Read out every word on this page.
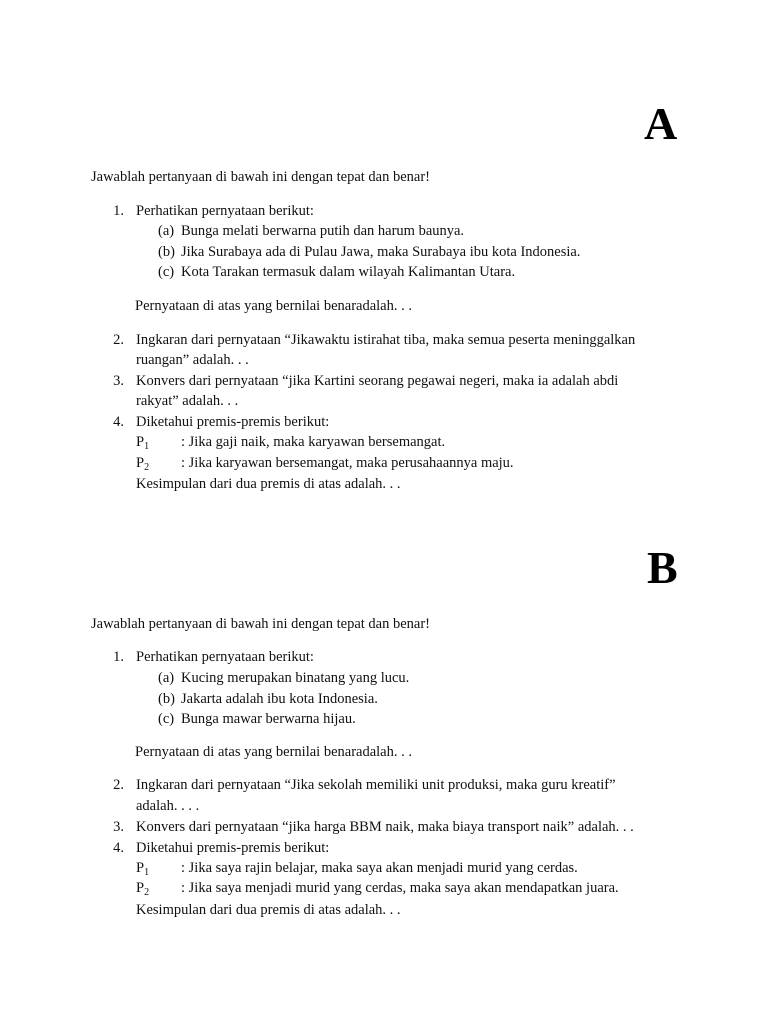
A
Jawablah pertanyaan di bawah ini dengan tepat dan benar!
1. Perhatikan pernyataan berikut:
(a) Bunga melati berwarna putih dan harum baunya.
(b) Jika Surabaya ada di Pulau Jawa, maka Surabaya ibu kota Indonesia.
(c) Kota Tarakan termasuk dalam wilayah Kalimantan Utara.
Pernyataan di atas yang bernilai benaradalah. . .
2. Ingkaran dari pernyataan “Jikawaktu istirahat tiba, maka semua peserta meninggalkan
ruangan” adalah. . .
3. Konvers dari pernyataan “jika Kartini seorang pegawai negeri, maka ia adalah abdi
rakyat” adalah. . .
4. Diketahui premis-premis berikut:
$P_1$ : Jika gaji naik, maka karyawan bersemangat.
$P_2$ : Jika karyawan bersemangat, maka perusahaannya maju.
Kesimpulan dari dua premis di atas adalah. . .
B
Jawablah pertanyaan di bawah ini dengan tepat dan benar!
1. Perhatikan pernyataan berikut:
(a) Kucing merupakan binatang yang lucu.
(b) Jakarta adalah ibu kota Indonesia.
(c) Bunga mawar berwarna hijau.
Pernyataan di atas yang bernilai benaradalah. . .
2. Ingkaran dari pernyataan “Jika sekolah memiliki unit produksi, maka guru kreatif”
adalah. . . .
3. Konvers dari pernyataan “jika harga BBM naik, maka biaya transport naik” adalah. . .
4. Diketahui premis-premis berikut:
$P_1$ : Jika saya rajin belajar, maka saya akan menjadi murid yang cerdas.
$P_2$ : Jika saya menjadi murid yang cerdas, maka saya akan mendapatkan juara.
Kesimpulan dari dua premis di atas adalah. . .
